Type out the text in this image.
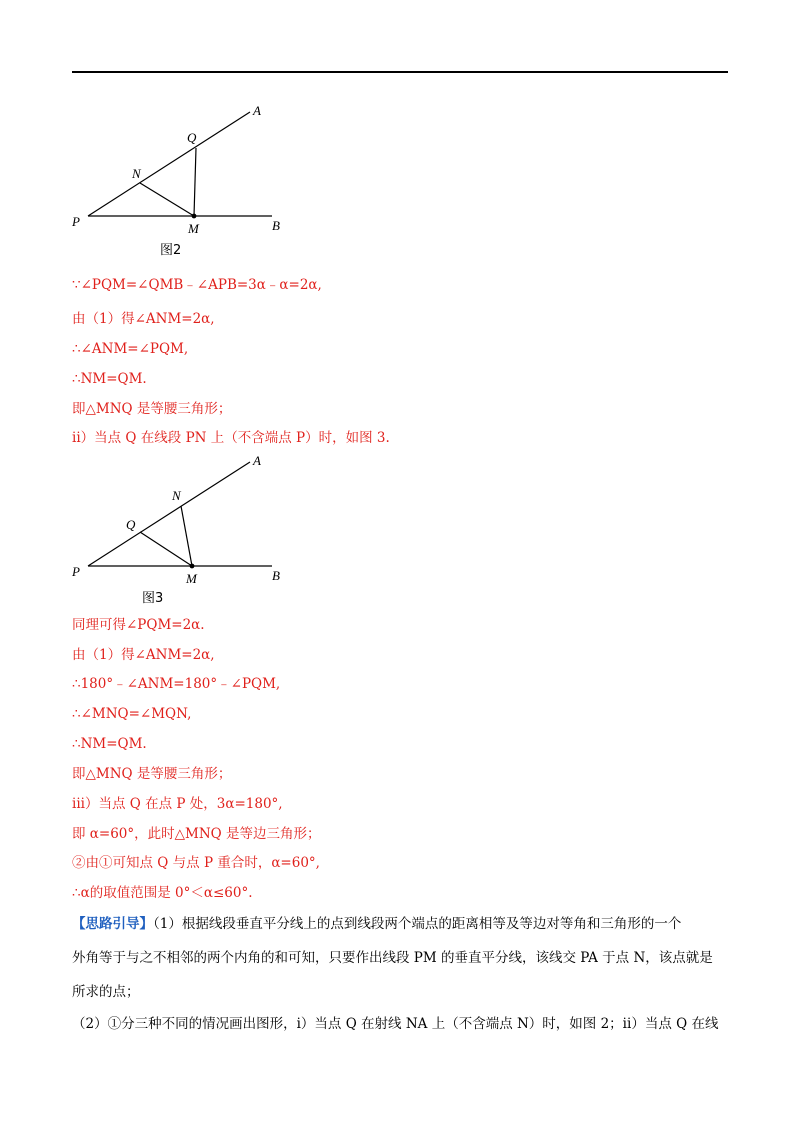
A
Q
N
P	M	B
图2
∵∠PQM=∠QMB﹣∠APB=3α﹣α=2α,
由（1）得∠ANM=2α,
∴∠ANM=∠PQM,
∴NM=QM.
即△MNQ 是等腰三角形；
ii）当点 Q 在线段 PN 上（不含端点 P）时，如图 3.
A
N
Q
P	M	B
图3
同理可得∠PQM=2α.
由（1）得∠ANM=2α,
∴180°﹣∠ANM=180°﹣∠PQM,
∴∠MNQ=∠MQN,
∴NM=QM.
即△MNQ 是等腰三角形；
iii）当点 Q 在点 P 处，3α=180°,
即 α=60°，此时△MNQ 是等边三角形；
②由①可知点 Q 与点 P 重合时，α=60°,
∴α的取值范围是 0°＜α≤60°.
【思路引导】（1）根据线段垂直平分线上的点到线段两个端点的距离相等及等边对等角和三角形的一个
外角等于与之不相邻的两个内角的和可知，只要作出线段 PM 的垂直平分线，该线交 PA 于点 N，该点就是
所求的点；
（2）①分三种不同的情况画出图形，i）当点 Q 在射线 NA 上（不含端点 N）时，如图 2；ii）当点 Q 在线
